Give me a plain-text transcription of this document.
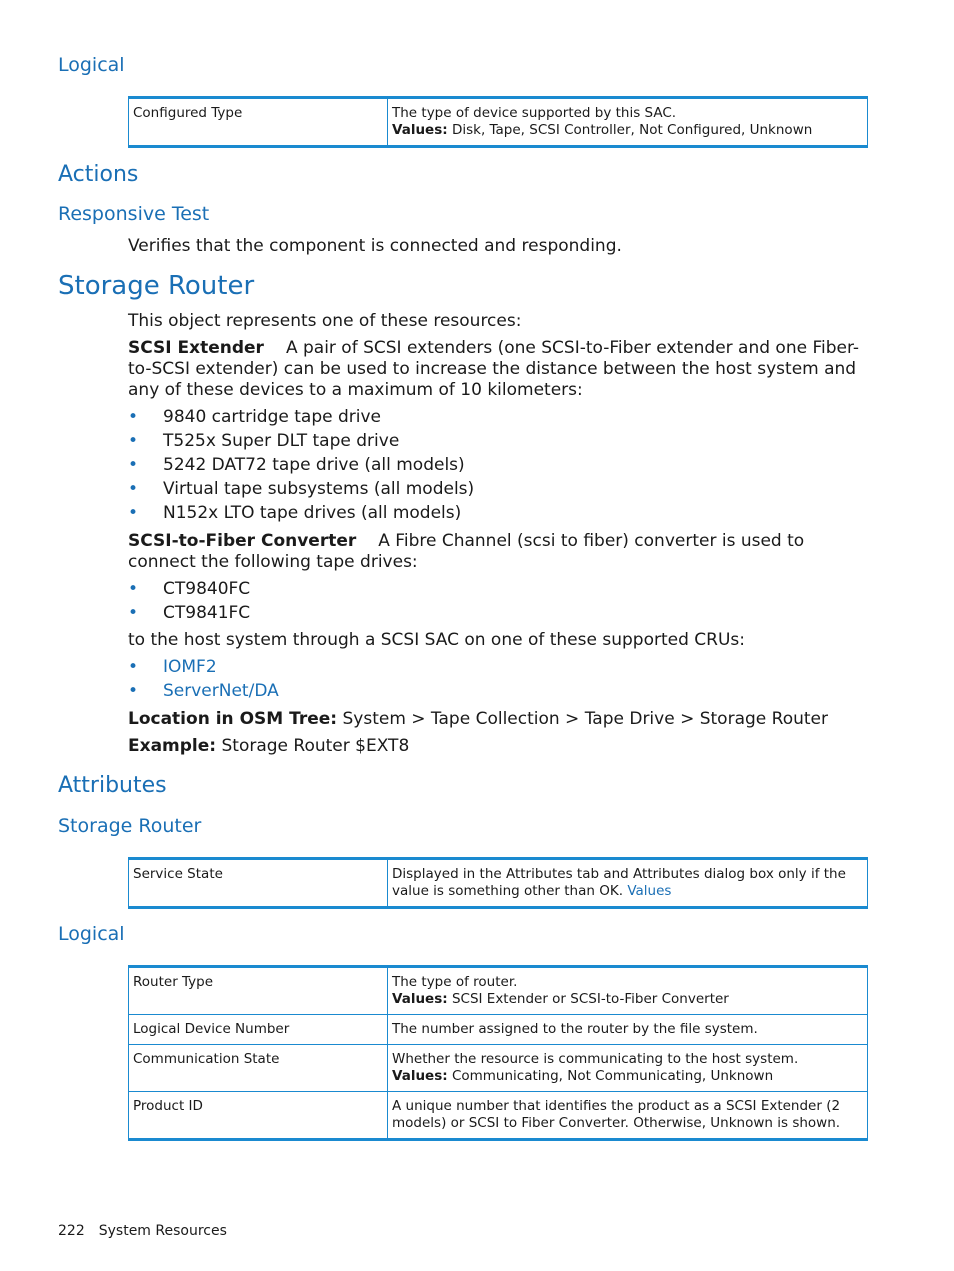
Logical
Configured Type	The type of device supported by this SAC.
Values: Disk, Tape, SCSI Controller, Not Configured, Unknown
Actions
Responsive Test

Verifies that the component is connected and responding.

Storage Router

This object represents one of these resources:

SCSI Extender A pair of SCSI extenders (one SCSI-to-Fiber extender and one Fiber-to-SCSI extender) can be used to increase the distance between the host system and any of these devices to a maximum of 10 kilometers:

• 9840 cartridge tape drive
• T525x Super DLT tape drive
• 5242 DAT72 tape drive (all models)
• Virtual tape subsystems (all models)
• N152x LTO tape drives (all models)

SCSI-to-Fiber Converter A Fibre Channel (scsi to fiber) converter is used to connect the following tape drives:

• CT9840FC
• CT9841FC

to the host system through a SCSI SAC on one of these supported CRUs:

• IOMF2
• ServerNet/DA

Location in OSM Tree: System > Tape Collection > Tape Drive > Storage Router

Example: Storage Router $EXT8

Attributes
Storage Router
Service State	Displayed in the Attributes tab and Attributes dialog box only if the value is something other than OK. Values
Logical
Router Type	The type of router.
Values: SCSI Extender or SCSI-to-Fiber Converter
Logical Device Number	The number assigned to the router by the file system.
Communication State	Whether the resource is communicating to the host system.
Values: Communicating, Not Communicating, Unknown
Product ID	A unique number that identifies the product as a SCSI Extender (2 models) or SCSI to Fiber Converter. Otherwise, Unknown is shown.
222 System Resources
